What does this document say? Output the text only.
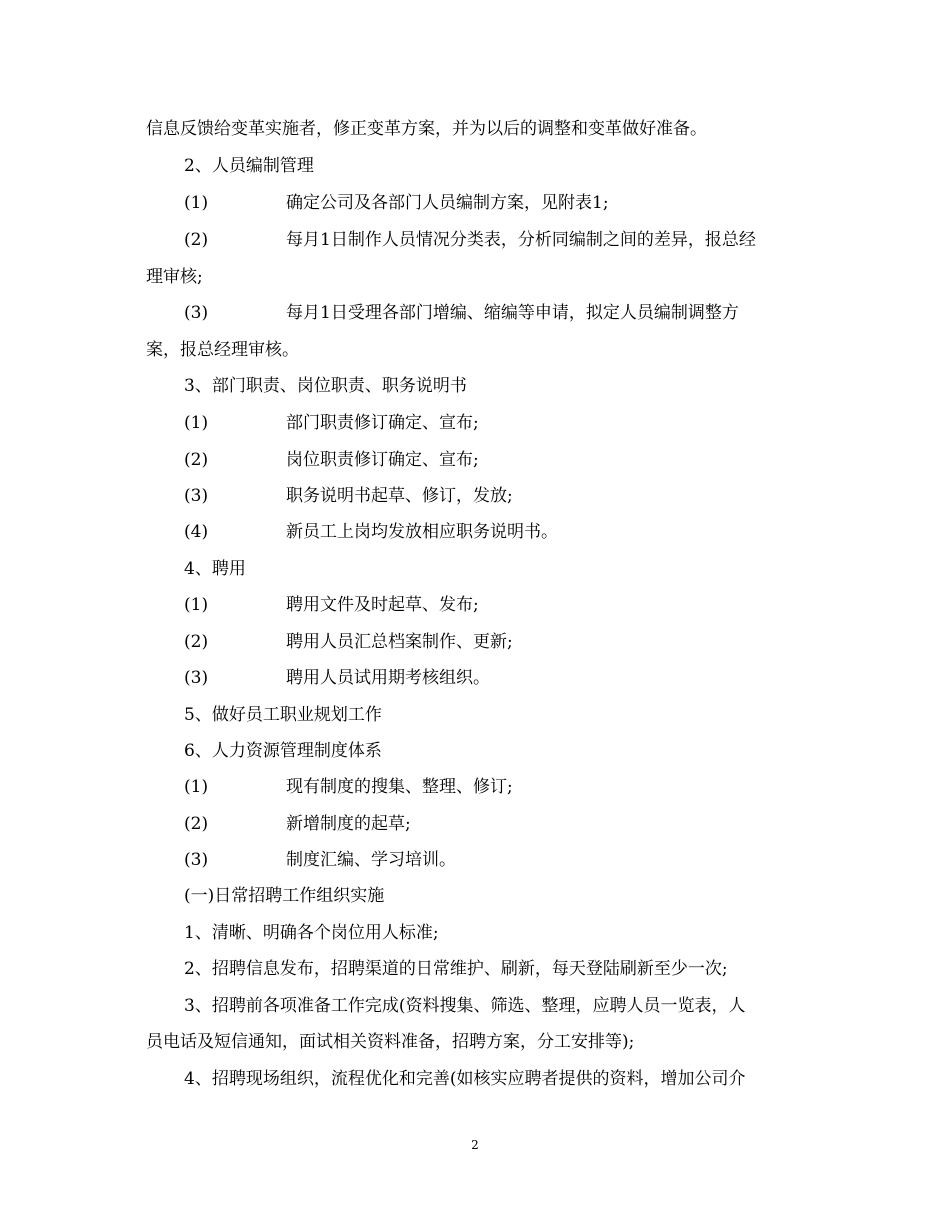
信息反馈给变革实施者，修正变革方案，并为以后的调整和变革做好准备。
2、人员编制管理
(1)	确定公司及各部门人员编制方案，见附表1;
(2)	每月1日制作人员情况分类表，分析同编制之间的差异，报总经
理审核;
(3)	每月1日受理各部门增编、缩编等申请，拟定人员编制调整方
案，报总经理审核。
3、部门职责、岗位职责、职务说明书
(1)	部门职责修订确定、宣布;
(2)	岗位职责修订确定、宣布;
(3)	职务说明书起草、修订，发放;
(4)	新员工上岗均发放相应职务说明书。
4、聘用
(1)	聘用文件及时起草、发布;
(2)	聘用人员汇总档案制作、更新;
(3)	聘用人员试用期考核组织。
5、做好员工职业规划工作
6、人力资源管理制度体系
(1)	现有制度的搜集、整理、修订;
(2)	新增制度的起草;
(3)	制度汇编、学习培训。
(一)日常招聘工作组织实施
1、清晰、明确各个岗位用人标准;
2、招聘信息发布，招聘渠道的日常维护、刷新，每天登陆刷新至少一次;
3、招聘前各项准备工作完成(资料搜集、筛选、整理，应聘人员一览表，人
员电话及短信通知，面试相关资料准备，招聘方案，分工安排等);
4、招聘现场组织，流程优化和完善(如核实应聘者提供的资料，增加公司介
2
